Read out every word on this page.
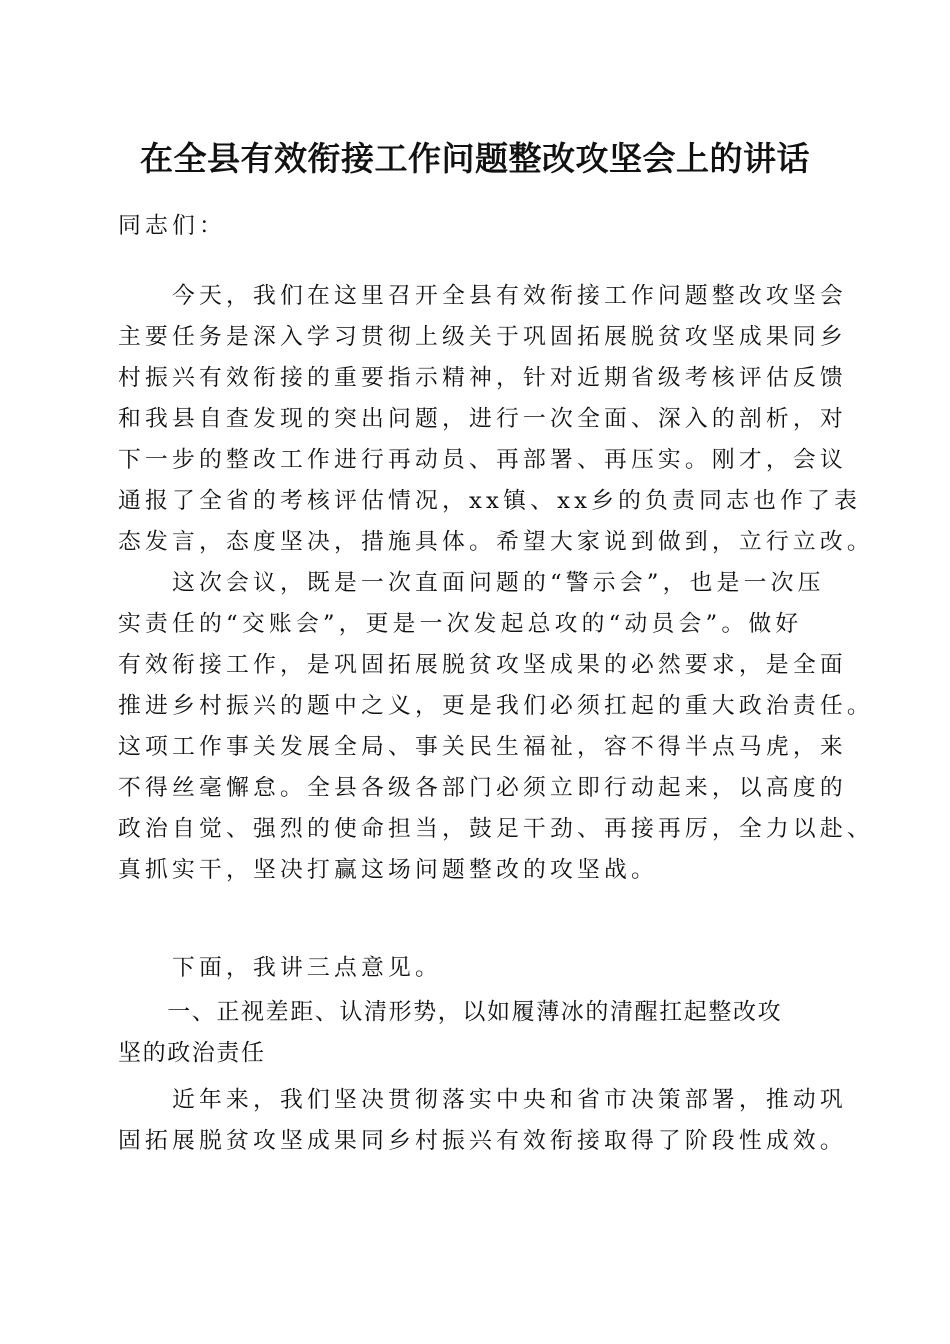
在全县有效衔接工作问题整改攻坚会上的讲话
同志们：
　　今天，我们在这里召开全县有效衔接工作问题整改攻坚会
主要任务是深入学习贯彻上级关于巩固拓展脱贫攻坚成果同乡
村振兴有效衔接的重要指示精神，针对近期省级考核评估反馈
和我县自查发现的突出问题，进行一次全面、深入的剖析，对
下一步的整改工作进行再动员、再部署、再压实。刚才，会议
通报了全省的考核评估情况，xx镇、xx乡的负责同志也作了表
态发言，态度坚决，措施具体。希望大家说到做到，立行立改。
　　这次会议，既是一次直面问题的“警示会”，也是一次压
实责任的“交账会”，更是一次发起总攻的“动员会”。做好
有效衔接工作，是巩固拓展脱贫攻坚成果的必然要求，是全面
推进乡村振兴的题中之义，更是我们必须扛起的重大政治责任。
这项工作事关发展全局、事关民生福祉，容不得半点马虎，来
不得丝毫懈怠。全县各级各部门必须立即行动起来，以高度的
政治自觉、强烈的使命担当，鼓足干劲、再接再厉，全力以赴、
真抓实干，坚决打赢这场问题整改的攻坚战。
　　下面，我讲三点意见。
　　一、正视差距、认清形势，以如履薄冰的清醒扛起整改攻
坚的政治责任
　　近年来，我们坚决贯彻落实中央和省市决策部署，推动巩
固拓展脱贫攻坚成果同乡村振兴有效衔接取得了阶段性成效。
